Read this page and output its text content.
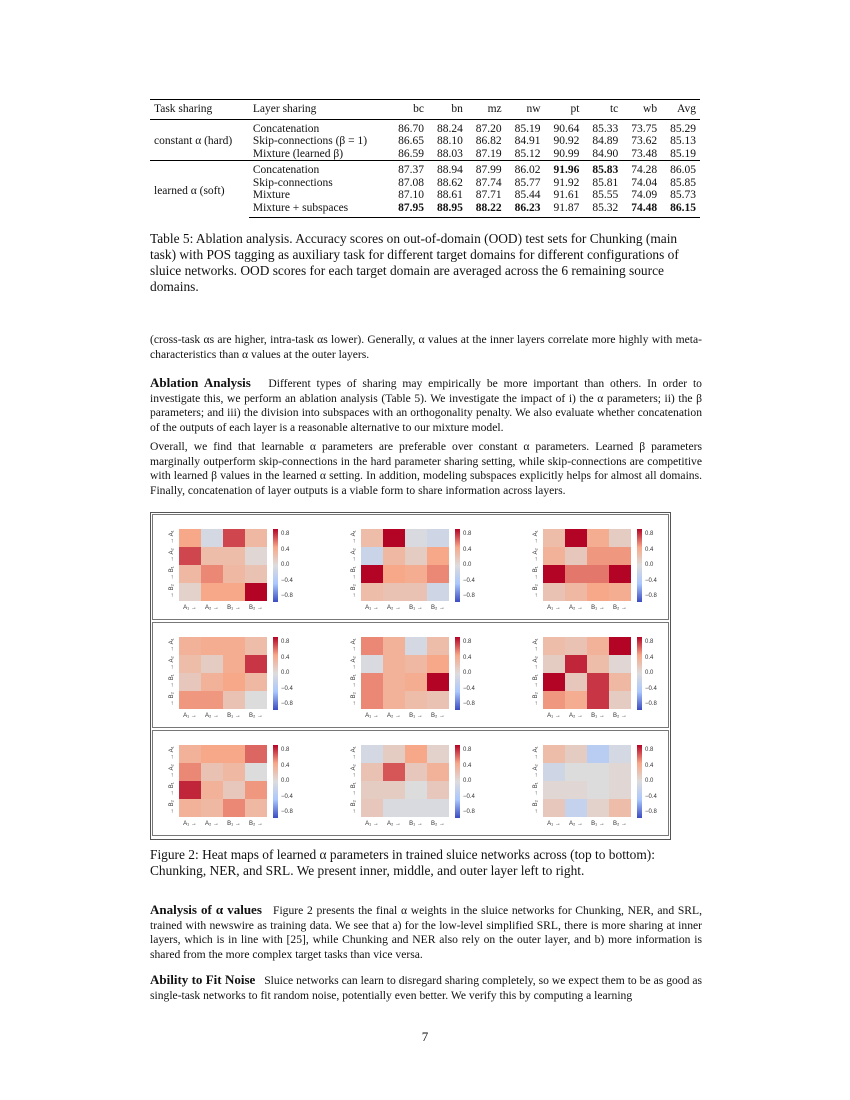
Task sharing	Layer sharing	bc	bn	mz	nw	pt	tc	wb	Avg
constant α (hard)	Concatenation	86.70	88.24	87.20	85.19	90.64	85.33	73.75	85.29
	Skip-connections (β = 1)	86.65	88.10	86.82	84.91	90.92	84.89	73.62	85.13
	Mixture (learned β)	86.59	88.03	87.19	85.12	90.99	84.90	73.48	85.19
learned α (soft)	Concatenation	87.37	88.94	87.99	86.02	91.96	85.83	74.28	86.05
	Skip-connections	87.08	88.62	87.74	85.77	91.92	85.81	74.04	85.85
	Mixture	87.10	88.61	87.71	85.44	91.61	85.55	74.09	85.73
	Mixture + subspaces	87.95	88.95	88.22	86.23	91.87	85.32	74.48	86.15
Table 5: Ablation analysis. Accuracy scores on out-of-domain (OOD) test sets for Chunking (main task) with POS tagging as auxiliary task for different target domains for different configurations of sluice networks. OOD scores for each target domain are averaged across the 6 remaining source domains.
(cross-task αs are higher, intra-task αs lower). Generally, α values at the inner layers correlate more highly with meta-characteristics than α values at the outer layers.
Ablation Analysis Different types of sharing may empirically be more important than others. In order to investigate this, we perform an ablation analysis (Table 5). We investigate the impact of i) the α parameters; ii) the β parameters; and iii) the division into subspaces with an orthogonality penalty. We also evaluate whether concatenation of the outputs of each layer is a reasonable alternative to our mixture model.
Overall, we find that learnable α parameters are preferable over constant α parameters. Learned β parameters marginally outperform skip-connections in the hard parameter sharing setting, while skip-connections are competitive with learned β values in the learned α setting. In addition, modeling subspaces explicitly helps for almost all domains. Finally, concatenation of layer outputs is a viable form to share information across layers.
A₁ →	A₂ →	B₁ →	B₂ →
→ A₁
→ A₂
→ B₁
→ B₂
0.8
0.4
0.0
−0.4
−0.8
A₁ →	A₂ →	B₁ →	B₂ →
→ A₁
→ A₂
→ B₁
→ B₂
0.8
0.4
0.0
−0.4
−0.8
A₁ →	A₂ →	B₁ →	B₂ →
→ A₁
→ A₂
→ B₁
→ B₂
0.8
0.4
0.0
−0.4
−0.8
A₁ →	A₂ →	B₁ →	B₂ →
→ A₁
→ A₂
→ B₁
→ B₂
0.8
0.4
0.0
−0.4
−0.8
A₁ →	A₂ →	B₁ →	B₂ →
→ A₁
→ A₂
→ B₁
→ B₂
0.8
0.4
0.0
−0.4
−0.8
A₁ →	A₂ →	B₁ →	B₂ →
→ A₁
→ A₂
→ B₁
→ B₂
0.8
0.4
0.0
−0.4
−0.8
A₁ →	A₂ →	B₁ →	B₂ →
→ A₁
→ A₂
→ B₁
→ B₂
0.8
0.4
0.0
−0.4
−0.8
A₁ →	A₂ →	B₁ →	B₂ →
→ A₁
→ A₂
→ B₁
→ B₂
0.8
0.4
0.0
−0.4
−0.8
A₁ →	A₂ →	B₁ →	B₂ →
→ A₁
→ A₂
→ B₁
→ B₂
0.8
0.4
0.0
−0.4
−0.8
Figure 2: Heat maps of learned α parameters in trained sluice networks across (top to bottom): Chunking, NER, and SRL. We present inner, middle, and outer layer left to right.
Analysis of α values Figure 2 presents the final α weights in the sluice networks for Chunking, NER, and SRL, trained with newswire as training data. We see that a) for the low-level simplified SRL, there is more sharing at inner layers, which is in line with [25], while Chunking and NER also rely on the outer layer, and b) more information is shared from the more complex target tasks than vice versa.
Ability to Fit Noise Sluice networks can learn to disregard sharing completely, so we expect them to be as good as single-task networks to fit random noise, potentially even better. We verify this by computing a learning
7
